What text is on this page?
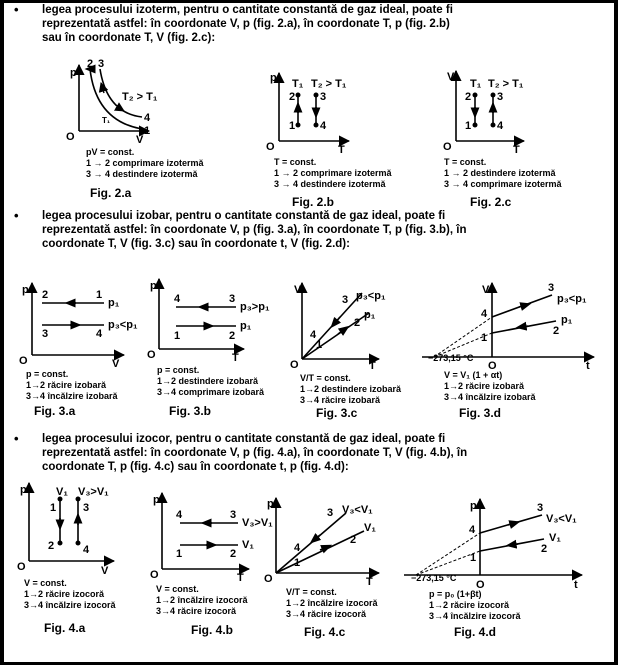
• legea procesului izoterm, pentru o cantitate constantă de gaz ideal, poate fi

reprezentată astfel: în coordonate V, p (fig. 2.a), în coordonate T, p (fig. 2.b)

sau în coordonate T, V (fig. 2.c):

• legea procesului izobar, pentru o cantitate constantă de gaz ideal, poate fi

reprezentată astfel: în coordonate V, p (fig. 3.a), în coordonate T, p (fig. 3.b), în

coordonate T, V (fig. 3.c) sau în coordonate t, V (fig. 2.d):

• legea procesului izocor, pentru o cantitate constantă de gaz ideal, poate fi

reprezentată astfel: în coordonate V, p (fig. 4.a), în coordonate T, V (fig. 4.b), în

coordonate T, p (fig. 4.c) sau în coordonate t, p (fig. 4.d):

p
V
O
2 3
4
1
T₂ > T₁
T₁
pV = const.
1 → 2 comprimare izotermă
3 → 4 destindere izotermă
p
T
O
1
2 3
4
T₁ T₂ > T₁
T = const.
1 → 2 comprimare izotermă
3 → 4 destindere izotermă
V
T
O
1
2 3
4
T₁ T₂ > T₁
T = const.
1 → 2 destindere izotermă
3 → 4 comprimare izotermă
p
V
O
2	1
3	4
p₁
p₃<p₁
p = const.
1→2 răcire izobară
3→4 încălzire izobară
p
T
O
4	3
1	2
p₃>p₁
p₁
p = const.
1→2 destindere izobară
3→4 comprimare izobară
V
T
O
3
4
1
2
p₃<p₁
p₁
V/T = const.
1→2 destindere izobară
3→4 răcire izobară
V
t
O
4
1
3
2
p₃<p₁
p₁
−273,15 °C
V = V₁ (1 + αt)
1→2 răcire izobară
3→4 încălzire izobară
p
V
O
1
2
3
4
V₁ V₃>V₁
V = const.
1→2 răcire izocoră
3→4 încălzire izocoră
p
T
O
4	3
1	2
V₃>V₁
V₁
V = const.
1→2 încălzire izocoră
3→4 răcire izocoră
p
T
O
3
4
1
2
V₃<V₁
V₁
V/T = const.
1→2 încălzire izocoră
3→4 răcire izocoră
p
t
O
4
1
3
2
V₃<V₁
V₁
−273,15 °C
p = p₀ (1+βt)
1→2 răcire izocoră
3→4 încălzire izocoră
Fig. 2.a
Fig. 2.b	Fig. 2.c
Fig. 3.a	Fig. 3.b	Fig. 3.c	Fig. 3.d
Fig. 4.a	Fig. 4.b	Fig. 4.c	Fig. 4.d
